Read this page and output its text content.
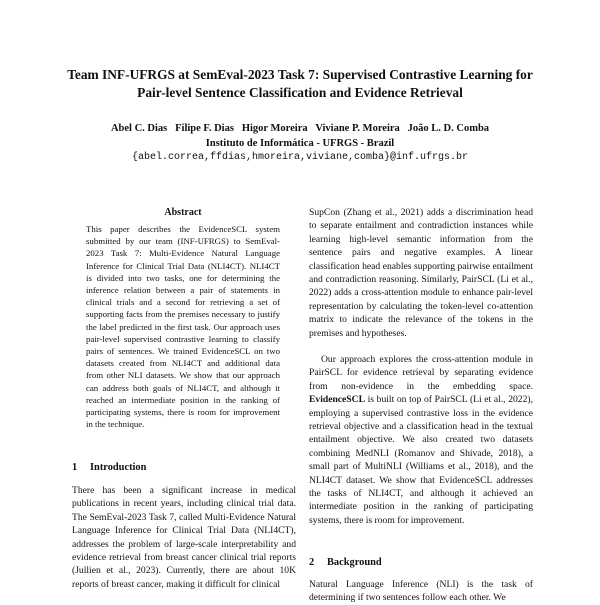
Team INF-UFRGS at SemEval-2023 Task 7: Supervised Contrastive Learning for Pair-level Sentence Classification and Evidence Retrieval
Abel C. Dias Filipe F. Dias Higor Moreira Viviane P. Moreira João L. D. Comba
Instituto de Informática - UFRGS - Brazil
{abel.correa,ffdias,hmoreira,viviane,comba}@inf.ufrgs.br
Abstract
This paper describes the EvidenceSCL system submitted by our team (INF-UFRGS) to SemEval-2023 Task 7: Multi-Evidence Natural Language Inference for Clinical Trial Data (NLI4CT). NLI4CT is divided into two tasks, one for determining the inference relation between a pair of statements in clinical trials and a second for retrieving a set of supporting facts from the premises necessary to justify the label predicted in the first task. Our approach uses pair-level supervised contrastive learning to classify pairs of sentences. We trained EvidenceSCL on two datasets created from NLI4CT and additional data from other NLI datasets. We show that our approach can address both goals of NLI4CT, and although it reached an intermediate position in the ranking of participating systems, there is room for improvement in the technique.
1 Introduction
There has been a significant increase in medical publications in recent years, including clinical trial data. The SemEval-2023 Task 7, called Multi-Evidence Natural Language Inference for Clinical Trial Data (NLI4CT), addresses the problem of large-scale interpretability and evidence retrieval from breast cancer clinical trial reports (Jullien et al., 2023). Currently, there are about 10K reports of breast cancer, making it difficult for clinical
SupCon (Zhang et al., 2021) adds a discrimination head to separate entailment and contradiction instances while learning high-level semantic information from the sentence pairs and negative examples. A linear classification head enables supporting pairwise entailment and contradiction reasoning. Similarly, PairSCL (Li et al., 2022) adds a cross-attention module to enhance pair-level representation by calculating the token-level co-attention matrix to indicate the relevance of the tokens in the premises and hypotheses.
Our approach explores the cross-attention module in PairSCL for evidence retrieval by separating evidence from non-evidence in the embedding space. EvidenceSCL is built on top of PairSCL (Li et al., 2022), employing a supervised contrastive loss in the evidence retrieval objective and a classification head in the textual entailment objective. We also created two datasets combining MedNLI (Romanov and Shivade, 2018), a small part of MultiNLI (Williams et al., 2018), and the NLI4CT dataset. We show that EvidenceSCL addresses the tasks of NLI4CT, and although it achieved an intermediate position in the ranking of participating systems, there is room for improvement.
2 Background
Natural Language Inference (NLI) is the task of determining if two sentences follow each other. We
